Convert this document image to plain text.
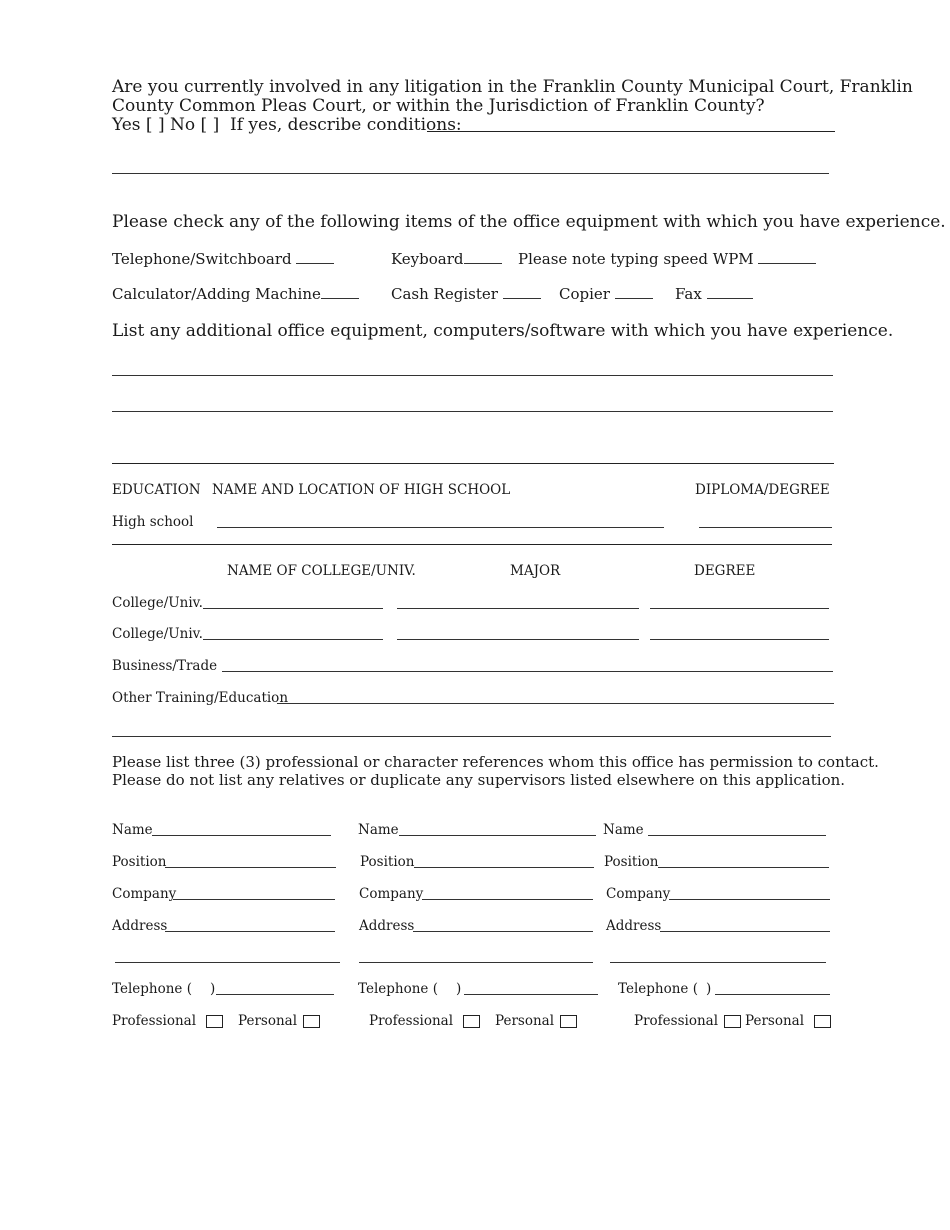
Are you currently involved in any litigation in the Franklin County Municipal Court, Franklin
County Common Pleas Court, or within the Jurisdiction of Franklin County?
Yes [ ] No [ ] If yes, describe conditions:
Please check any of the following items of the office equipment with which you have experience.
Telephone/Switchboard	Keyboard	Please note typing speed WPM
Calculator/Adding Machine	Cash Register	Copier	Fax
List any additional office equipment, computers/software with which you have experience.
EDUCATION NAME AND LOCATION OF HIGH SCHOOL	DIPLOMA/DEGREE
High school
NAME OF COLLEGE/UNIV.	MAJOR	DEGREE
College/Univ.
College/Univ.
Business/Trade
Other Training/Education
Please list three (3) professional or character references whom this office has permission to contact.
Please do not list any relatives or duplicate any supervisors listed elsewhere on this application.
Name
Position
Company
Address
Telephone ( )
Professional	Personal
Name
Position
Company
Address
Telephone ( )
Professional	Personal
Name
Position
Company
Address
Telephone ( )
Professional Personal
